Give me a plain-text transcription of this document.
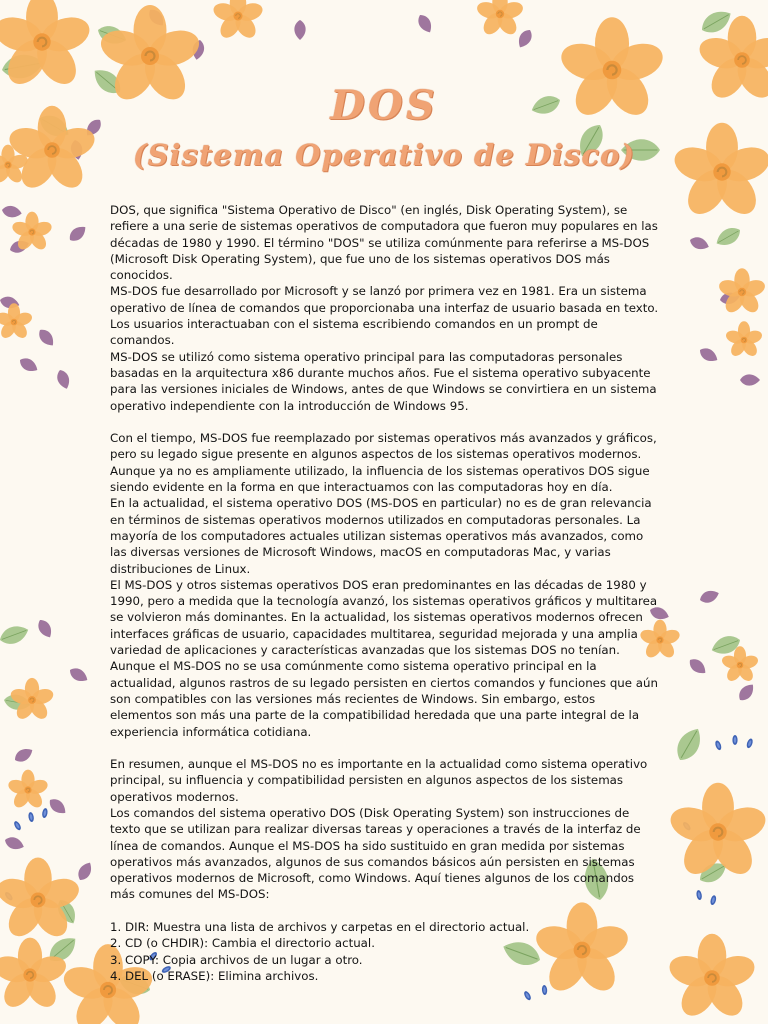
DOS
(Sistema Operativo de Disco)

DOS, que significa "Sistema Operativo de Disco" (en inglés, Disk Operating System), se refiere a una serie de sistemas operativos de computadora que fueron muy populares en las décadas de 1980 y 1990. El término "DOS" se utiliza comúnmente para referirse a MS-DOS (Microsoft Disk Operating System), que fue uno de los sistemas operativos DOS más conocidos.

MS-DOS fue desarrollado por Microsoft y se lanzó por primera vez en 1981. Era un sistema operativo de línea de comandos que proporcionaba una interfaz de usuario basada en texto. Los usuarios interactuaban con el sistema escribiendo comandos en un prompt de comandos.

MS-DOS se utilizó como sistema operativo principal para las computadoras personales basadas en la arquitectura x86 durante muchos años. Fue el sistema operativo subyacente para las versiones iniciales de Windows, antes de que Windows se convirtiera en un sistema operativo independiente con la introducción de Windows 95.

Con el tiempo, MS-DOS fue reemplazado por sistemas operativos más avanzados y gráficos, pero su legado sigue presente en algunos aspectos de los sistemas operativos modernos.

Aunque ya no es ampliamente utilizado, la influencia de los sistemas operativos DOS sigue siendo evidente en la forma en que interactuamos con las computadoras hoy en día.

En la actualidad, el sistema operativo DOS (MS-DOS en particular) no es de gran relevancia en términos de sistemas operativos modernos utilizados en computadoras personales. La mayoría de los computadores actuales utilizan sistemas operativos más avanzados, como las diversas versiones de Microsoft Windows, macOS en computadoras Mac, y varias distribuciones de Linux.

El MS-DOS y otros sistemas operativos DOS eran predominantes en las décadas de 1980 y 1990, pero a medida que la tecnología avanzó, los sistemas operativos gráficos y multitarea se volvieron más dominantes. En la actualidad, los sistemas operativos modernos ofrecen interfaces gráficas de usuario, capacidades multitarea, seguridad mejorada y una amplia variedad de aplicaciones y características avanzadas que los sistemas DOS no tenían.

Aunque el MS-DOS no se usa comúnmente como sistema operativo principal en la actualidad, algunos rastros de su legado persisten en ciertos comandos y funciones que aún son compatibles con las versiones más recientes de Windows. Sin embargo, estos elementos son más una parte de la compatibilidad heredada que una parte integral de la experiencia informática cotidiana.

En resumen, aunque el MS-DOS no es importante en la actualidad como sistema operativo principal, su influencia y compatibilidad persisten en algunos aspectos de los sistemas operativos modernos.

Los comandos del sistema operativo DOS (Disk Operating System) son instrucciones de texto que se utilizan para realizar diversas tareas y operaciones a través de la interfaz de línea de comandos. Aunque el MS-DOS ha sido sustituido en gran medida por sistemas operativos más avanzados, algunos de sus comandos básicos aún persisten en sistemas operativos modernos de Microsoft, como Windows. Aquí tienes algunos de los comandos más comunes del MS-DOS:

1. DIR: Muestra una lista de archivos y carpetas en el directorio actual.
2. CD (o CHDIR): Cambia el directorio actual.
3. COPY: Copia archivos de un lugar a otro.
4. DEL (o ERASE): Elimina archivos.
